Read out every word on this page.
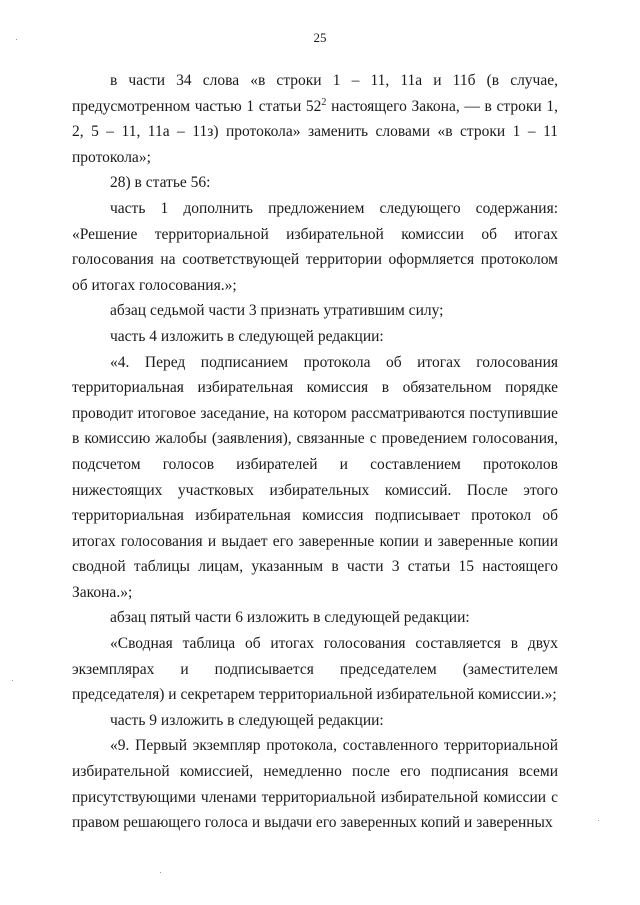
25

в части 34 слова «в строки 1 – 11, 11а и 11б (в случае, предусмотренном частью 1 статьи $52^2$ настоящего Закона, — в строки 1, 2, 5 – 11, 11а – 11з) протокола» заменить словами «в строки 1 – 11 протокола»;

28) в статье 56:

часть 1 дополнить предложением следующего содержания: «Решение территориальной избирательной комиссии об итогах голосования на соответствующей территории оформляется протоколом об итогах голосования.»;

абзац седьмой части 3 признать утратившим силу;

часть 4 изложить в следующей редакции:

«4. Перед подписанием протокола об итогах голосования территориальная избирательная комиссия в обязательном порядке проводит итоговое заседание, на котором рассматриваются поступившие в комиссию жалобы (заявления), связанные с проведением голосования, подсчетом голосов избирателей и составлением протоколов нижестоящих участковых избирательных комиссий. После этого территориальная избирательная комиссия подписывает протокол об итогах голосования и выдает его заверенные копии и заверенные копии сводной таблицы лицам, указанным в части 3 статьи 15 настоящего Закона.»;

абзац пятый части 6 изложить в следующей редакции:

«Сводная таблица об итогах голосования составляется в двух экземплярах и подписывается председателем (заместителем председателя) и секретарем территориальной избирательной комиссии.»;

часть 9 изложить в следующей редакции:

«9. Первый экземпляр протокола, составленного территориальной избирательной комиссией, немедленно после его подписания всеми присутствующими членами территориальной избирательной комиссии с правом решающего голоса и выдачи его заверенных копий и заверенных
